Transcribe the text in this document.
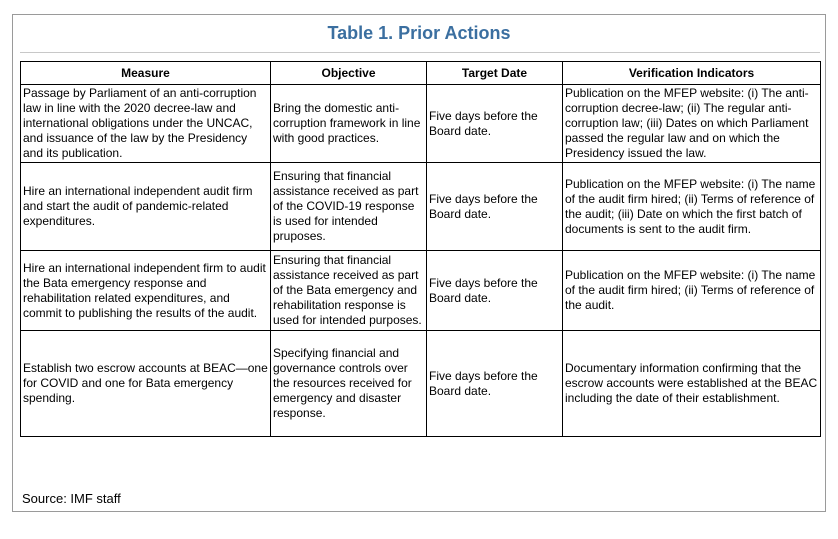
Table 1. Prior Actions
Measure	Objective	Target Date	Verification Indicators
Passage by Parliament of an anti-corruption law in line with the 2020 decree-law and international obligations under the UNCAC, and issuance of the law by the Presidency and its publication.	Bring the domestic anti-corruption framework in line with good practices.	Five days before the Board date.	Publication on the MFEP website: (i) The anti-corruption decree-law; (ii) The regular anti-corruption law; (iii) Dates on which Parliament passed the regular law and on which the Presidency issued the law.
Hire an international independent audit firm and start the audit of pandemic-related expenditures.	Ensuring that financial assistance received as part of the COVID-19 response is used for intended pruposes.	Five days before the Board date.	Publication on the MFEP website: (i) The name of the audit firm hired; (ii) Terms of reference of the audit; (iii) Date on which the first batch of documents is sent to the audit firm.
Hire an international independent firm to audit the Bata emergency response and rehabilitation related expenditures, and commit to publishing the results of the audit.	Ensuring that financial assistance received as part of the Bata emergency and rehabilitation response is used for intended purposes.	Five days before the Board date.	Publication on the MFEP website: (i) The name of the audit firm hired; (ii) Terms of reference of the audit.
Establish two escrow accounts at BEAC—one for COVID and one for Bata emergency spending.	Specifying financial and governance controls over the resources received for emergency and disaster response.	Five days before the Board date.	Documentary information confirming that the escrow accounts were established at the BEAC including the date of their establishment.
Source: IMF staff
